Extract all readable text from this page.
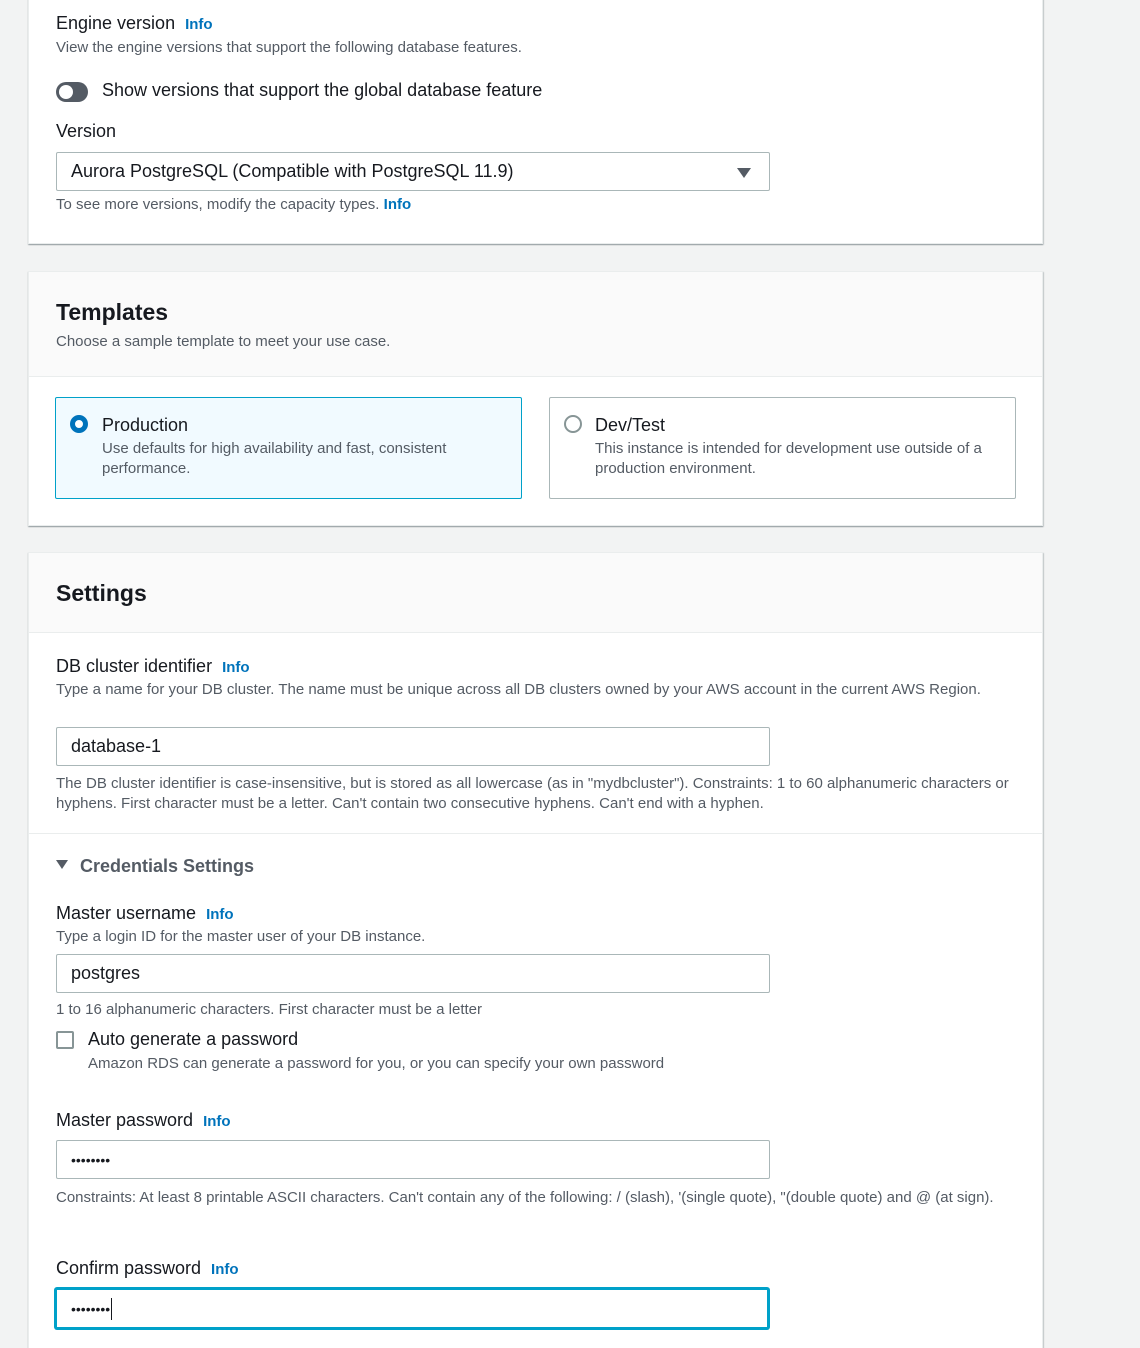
Engine version Info
View the engine versions that support the following database features.
Show versions that support the global database feature
Version
Aurora PostgreSQL (Compatible with PostgreSQL 11.9)
To see more versions, modify the capacity types. Info
Templates
Choose a sample template to meet your use case.
Production
Use defaults for high availability and fast, consistent performance.
Dev/Test
This instance is intended for development use outside of a production environment.
Settings
DB cluster identifier Info
Type a name for your DB cluster. The name must be unique across all DB clusters owned by your AWS account in the current AWS Region.
database-1
The DB cluster identifier is case-insensitive, but is stored as all lowercase (as in "mydbcluster"). Constraints: 1 to 60 alphanumeric characters or hyphens. First character must be a letter. Can't contain two consecutive hyphens. Can't end with a hyphen.
Credentials Settings
Master username Info
Type a login ID for the master user of your DB instance.
postgres
1 to 16 alphanumeric characters. First character must be a letter
Auto generate a password
Amazon RDS can generate a password for you, or you can specify your own password
Master password Info
••••••••
Constraints: At least 8 printable ASCII characters. Can't contain any of the following: / (slash), '(single quote), "(double quote) and @ (at sign).
Confirm password Info
••••••••
